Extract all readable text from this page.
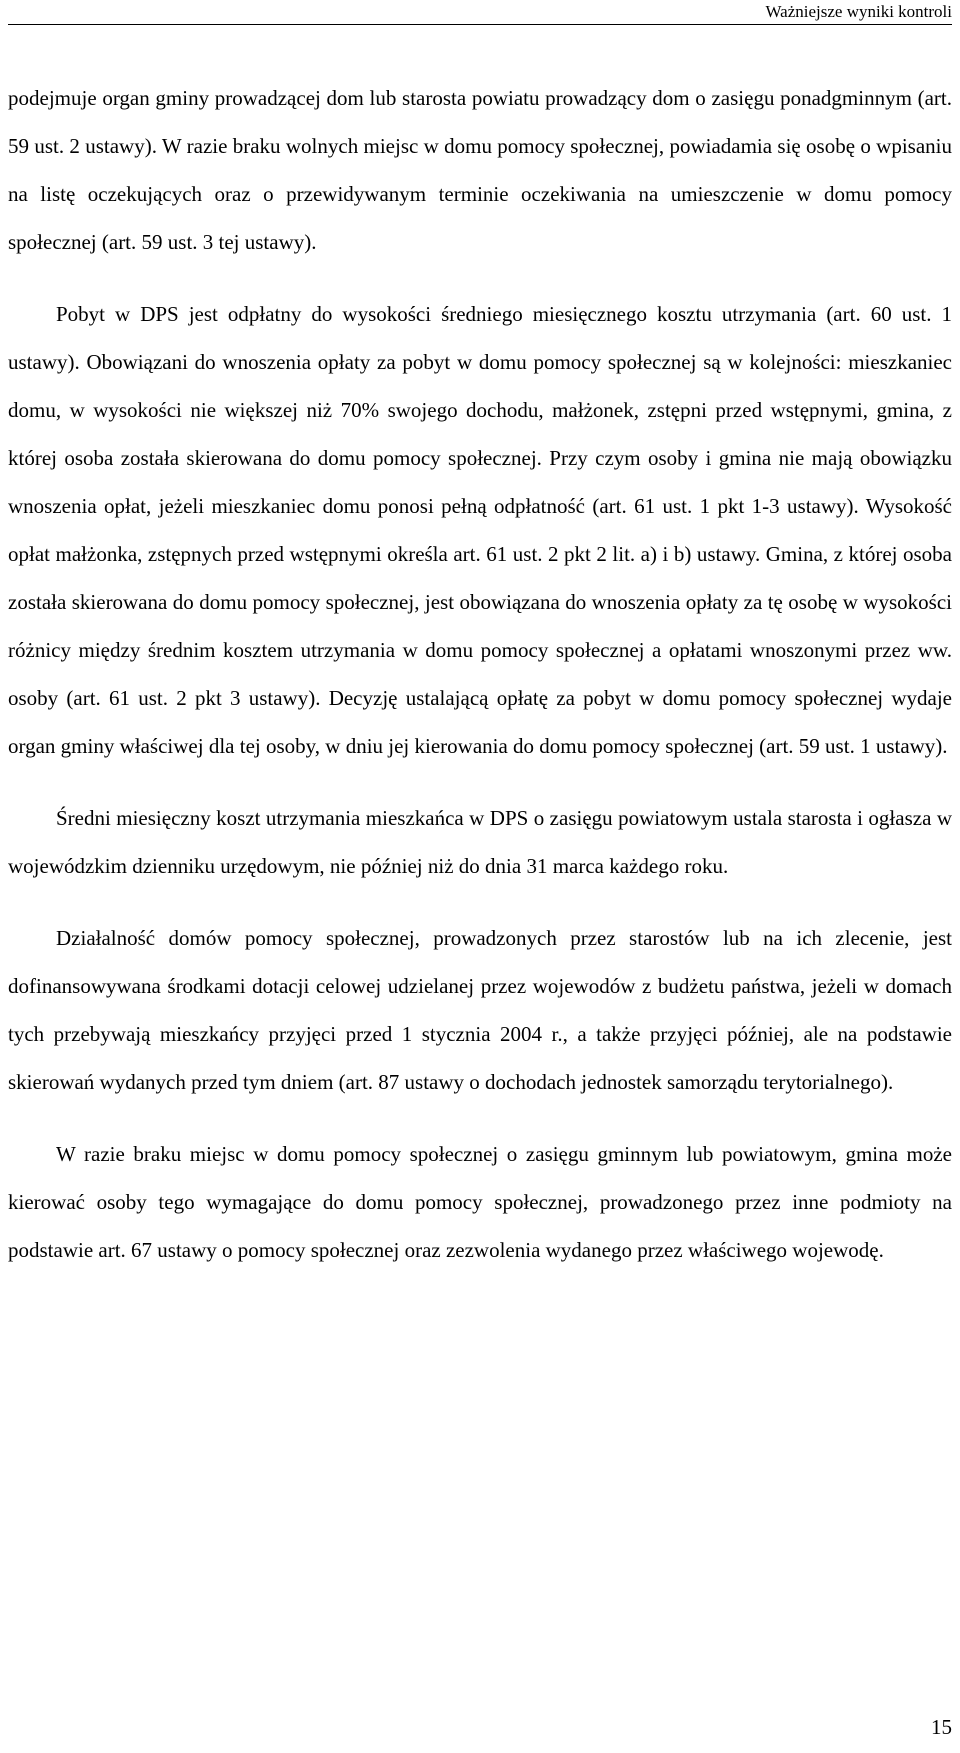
Ważniejsze wyniki kontroli

podejmuje organ gminy prowadzącej dom lub starosta powiatu prowadzący dom o zasięgu ponadgminnym (art. 59 ust. 2 ustawy). W razie braku wolnych miejsc w domu pomocy społecznej, powiadamia się osobę o wpisaniu na listę oczekujących oraz o przewidywanym terminie oczekiwania na umieszczenie w domu pomocy społecznej (art. 59 ust. 3 tej ustawy).

Pobyt w DPS jest odpłatny do wysokości średniego miesięcznego kosztu utrzymania (art. 60 ust. 1 ustawy). Obowiązani do wnoszenia opłaty za pobyt w domu pomocy społecznej są w kolejności: mieszkaniec domu, w wysokości nie większej niż 70% swojego dochodu, małżonek, zstępni przed wstępnymi, gmina, z której osoba została skierowana do domu pomocy społecznej. Przy czym osoby i gmina nie mają obowiązku wnoszenia opłat, jeżeli mieszkaniec domu ponosi pełną odpłatność (art. 61 ust. 1 pkt 1-3 ustawy). Wysokość opłat małżonka, zstępnych przed wstępnymi określa art. 61 ust. 2 pkt 2 lit. a) i b) ustawy. Gmina, z której osoba została skierowana do domu pomocy społecznej, jest obowiązana do wnoszenia opłaty za tę osobę w wysokości różnicy między średnim kosztem utrzymania w domu pomocy społecznej a opłatami wnoszonymi przez ww. osoby (art. 61 ust. 2 pkt 3 ustawy). Decyzję ustalającą opłatę za pobyt w domu pomocy społecznej wydaje organ gminy właściwej dla tej osoby, w dniu jej kierowania do domu pomocy społecznej (art. 59 ust. 1 ustawy).

Średni miesięczny koszt utrzymania mieszkańca w DPS o zasięgu powiatowym ustala starosta i ogłasza w wojewódzkim dzienniku urzędowym, nie później niż do dnia 31 marca każdego roku.

Działalność domów pomocy społecznej, prowadzonych przez starostów lub na ich zlecenie, jest dofinansowywana środkami dotacji celowej udzielanej przez wojewodów z budżetu państwa, jeżeli w domach tych przebywają mieszkańcy przyjęci przed 1 stycznia 2004 r., a także przyjęci później, ale na podstawie skierowań wydanych przed tym dniem (art. 87 ustawy o dochodach jednostek samorządu terytorialnego).

W razie braku miejsc w domu pomocy społecznej o zasięgu gminnym lub powiatowym, gmina może kierować osoby tego wymagające do domu pomocy społecznej, prowadzonego przez inne podmioty na podstawie art. 67 ustawy o pomocy społecznej oraz zezwolenia wydanego przez właściwego wojewodę.

15
